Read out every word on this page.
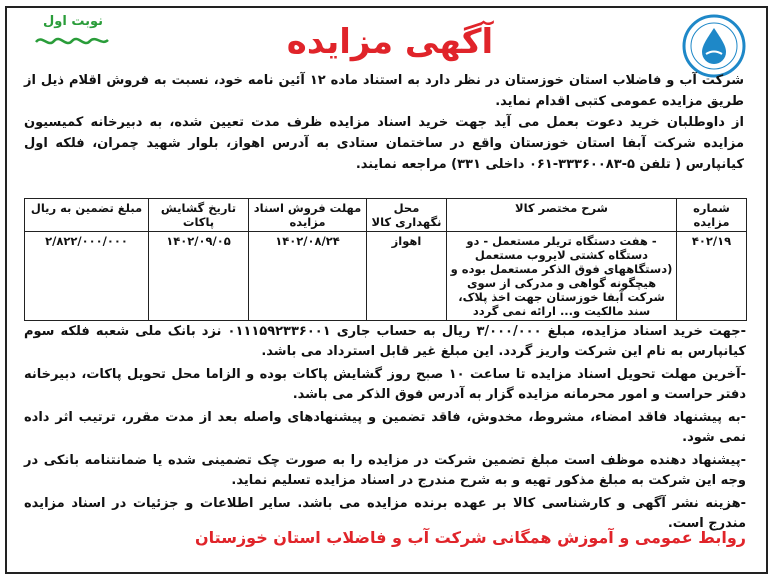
نوبت اول
آگهی مزایده
شرکت آب و فاضلاب استان خوزستان در نظر دارد به استناد ماده ۱۲ آئین نامه خود، نسبت به فروش اقلام ذیل از طریق مزایده عمومی کتبی اقدام نماید.
از داوطلبان خرید دعوت بعمل می آید جهت خرید اسناد مزایده ظرف مدت تعیین شده، به دبیرخانه کمیسیون مزایده شرکت آبفا استان خوزستان واقع در ساختمان ستادی به آدرس اهواز، بلوار شهید چمران، فلکه اول کیانپارس ( تلفن ۵-۳۳۳۶۰۰۸۳-۰۶۱ داخلی ۳۳۱) مراجعه نمایند.
شماره مزایده	شرح مختصر کالا	محل نگهداری کالا	مهلت فروش اسناد مزایده	تاریخ گشایش پاکات	مبلغ تضمین به ریال
۴۰۲/۱۹	- هفت دستگاه تریلر مستعمل - دو دستگاه کشتی لایروب مستعمل (دستگاههای فوق الذکر مستعمل بوده و هیچگونه گواهی و مدرکی از سوی شرکت آبفا خوزستان جهت اخذ پلاک، سند مالکیت و... ارائه نمی گردد	اهواز	۱۴۰۲/۰۸/۲۴	۱۴۰۲/۰۹/۰۵	۲/۸۲۲/۰۰۰/۰۰۰

-جهت خرید اسناد مزایده، مبلغ ۳/۰۰۰/۰۰۰ ریال به حساب جاری ۰۱۱۱۵۹۲۳۳۶۰۰۱ نزد بانک ملی شعبه فلکه سوم کیانپارس به نام این شرکت واریز گردد. این مبلغ غیر قابل استرداد می باشد.

-آخرین مهلت تحویل اسناد مزایده تا ساعت ۱۰ صبح روز گشایش پاکات بوده و الزاما محل تحویل پاکات، دبیرخانه دفتر حراست و امور محرمانه مزایده گزار به آدرس فوق الذکر می باشد.

-به پیشنهاد فاقد امضاء، مشروط، مخدوش، فاقد تضمین و پیشنهادهای واصله بعد از مدت مقرر، ترتیب اثر داده نمی شود.

-پیشنهاد دهنده موظف است مبلغ تضمین شرکت در مزایده را به صورت چک تضمینی شده یا ضمانتنامه بانکی در وجه این شرکت به مبلغ مذکور تهیه و به شرح مندرج در اسناد مزایده تسلیم نماید.

-هزینه نشر آگهی و کارشناسی کالا بر عهده برنده مزایده می باشد. سایر اطلاعات و جزئیات در اسناد مزایده مندرج است.

روابط عمومی و آموزش همگانی شرکت آب و فاضلاب استان خوزستان
